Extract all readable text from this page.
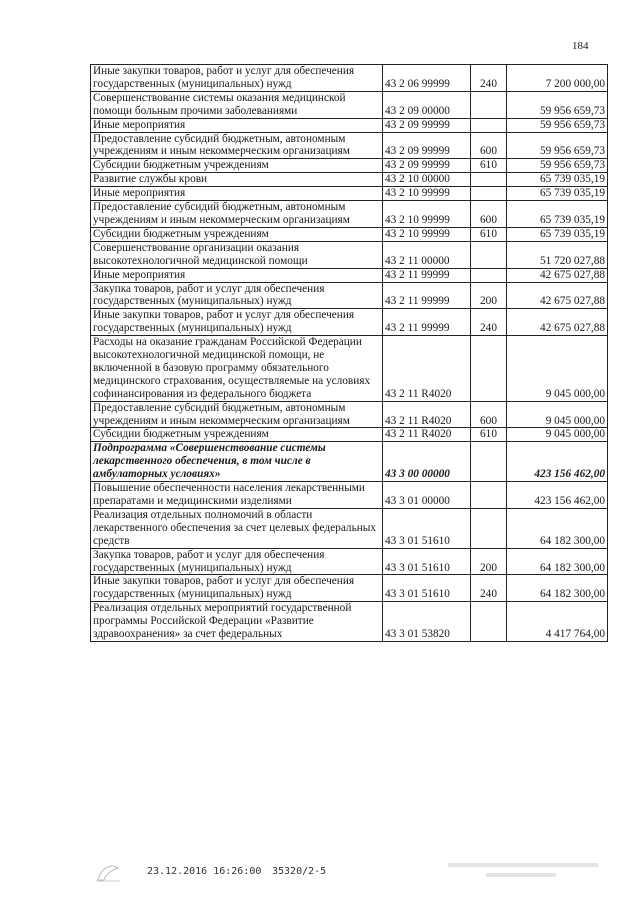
184
Иные закупки товаров, работ и услуг для обеспечения государственных (муниципальных) нужд	43 2 06 99999	240	7 200 000,00
Совершенствование системы оказания медицинской помощи больным прочими заболеваниями	43 2 09 00000		59 956 659,73
Иные мероприятия	43 2 09 99999		59 956 659,73
Предоставление субсидий бюджетным, автономным учреждениям и иным некоммерческим организациям	43 2 09 99999	600	59 956 659,73
Субсидии бюджетным учреждениям	43 2 09 99999	610	59 956 659,73
Развитие службы крови	43 2 10 00000		65 739 035,19
Иные мероприятия	43 2 10 99999		65 739 035,19
Предоставление субсидий бюджетным, автономным учреждениям и иным некоммерческим организациям	43 2 10 99999	600	65 739 035,19
Субсидии бюджетным учреждениям	43 2 10 99999	610	65 739 035,19
Совершенствование организации оказания высокотехнологичной медицинской помощи	43 2 11 00000		51 720 027,88
Иные мероприятия	43 2 11 99999		42 675 027,88
Закупка товаров, работ и услуг для обеспечения государственных (муниципальных) нужд	43 2 11 99999	200	42 675 027,88
Иные закупки товаров, работ и услуг для обеспечения государственных (муниципальных) нужд	43 2 11 99999	240	42 675 027,88
Расходы на оказание гражданам Российской Федерации высокотехнологичной медицинской помощи, не включенной в базовую программу обязательного медицинского страхования, осуществляемые на условиях софинансирования из федерального бюджета	43 2 11 R4020		9 045 000,00
Предоставление субсидий бюджетным, автономным учреждениям и иным некоммерческим организациям	43 2 11 R4020	600	9 045 000,00
Субсидии бюджетным учреждениям	43 2 11 R4020	610	9 045 000,00
Подпрограмма «Совершенствование системы лекарственного обеспечения, в том числе в амбулаторных условиях»	43 3 00 00000		423 156 462,00
Повышение обеспеченности населения лекарственными препаратами и медицинскими изделиями	43 3 01 00000		423 156 462,00
Реализация отдельных полномочий в области лекарственного обеспечения за счет целевых федеральных средств	43 3 01 51610		64 182 300,00
Закупка товаров, работ и услуг для обеспечения государственных (муниципальных) нужд	43 3 01 51610	200	64 182 300,00
Иные закупки товаров, работ и услуг для обеспечения государственных (муниципальных) нужд	43 3 01 51610	240	64 182 300,00
Реализация отдельных мероприятий государственной программы Российской Федерации «Развитие здравоохранения» за счет федеральных	43 3 01 53820		4 417 764,00
23.12.2016 16:26:00 35320/2-5
